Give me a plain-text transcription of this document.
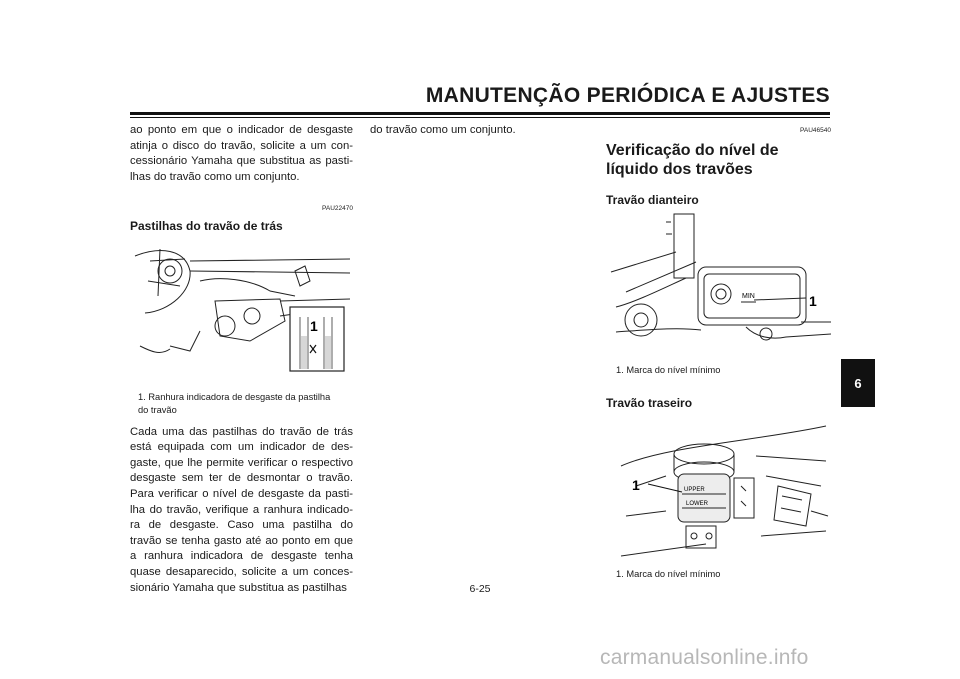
MANUTENÇÃO PERIÓDICA E AJUSTES

ao ponto em que o indicador de desgaste atinja o disco do travão, solicite a um con-cessionário Yamaha que substitua as pasti-lhas do travão como um conjunto.

PAU22470
Pastilhas do travão de trás
1
1. Ranhura indicadora de desgaste da pastilha do travão

Cada uma das pastilhas do travão de trás está equipada com um indicador de des-gaste, que lhe permite verificar o respectivo desgaste sem ter de desmontar o travão. Para verificar o nível de desgaste da pasti-lha do travão, verifique a ranhura indicado-ra de desgaste. Caso uma pastilha do travão se tenha gasto até ao ponto em que a ranhura indicadora de desgaste tenha quase desaparecido, solicite a um conces-sionário Yamaha que substitua as pastilhas

do travão como um conjunto.	PAU46540
Verificação do nível de líquido dos travões
Travão dianteiro
MIN	1
1. Marca do nível mínimo
Travão traseiro
UPPER
LOWER
1
1. Marca do nível mínimo
6
6-25
carmanualsonline.info
